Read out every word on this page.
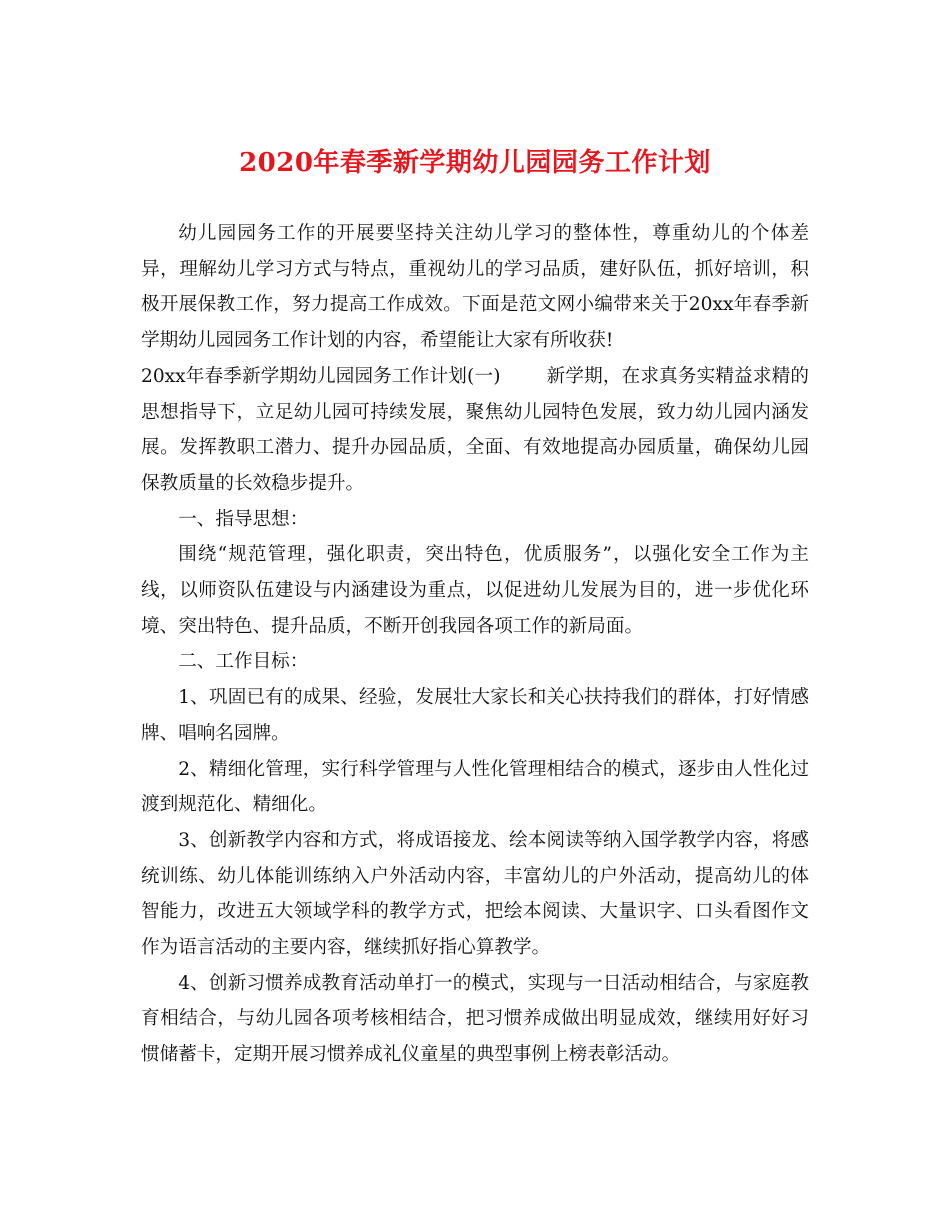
2020年春季新学期幼儿园园务工作计划

幼儿园园务工作的开展要坚持关注幼儿学习的整体性，尊重幼儿的个体差异，理解幼儿学习方式与特点，重视幼儿的学习品质，建好队伍，抓好培训，积极开展保教工作，努力提高工作成效。下面是范文网小编带来关于20xx年春季新学期幼儿园园务工作计划的内容，希望能让大家有所收获!

20xx年春季新学期幼儿园园务工作计划(一) 新学期，在求真务实精益求精的思想指导下，立足幼儿园可持续发展，聚焦幼儿园特色发展，致力幼儿园内涵发展。发挥教职工潜力、提升办园品质，全面、有效地提高办园质量，确保幼儿园保教质量的长效稳步提升。

一、指导思想：

围绕“规范管理，强化职责，突出特色，优质服务”，以强化安全工作为主线，以师资队伍建设与内涵建设为重点，以促进幼儿发展为目的，进一步优化环境、突出特色、提升品质，不断开创我园各项工作的新局面。

二、工作目标：

1、巩固已有的成果、经验，发展壮大家长和关心扶持我们的群体，打好情感牌、唱响名园牌。

2、精细化管理，实行科学管理与人性化管理相结合的模式，逐步由人性化过渡到规范化、精细化。

3、创新教学内容和方式，将成语接龙、绘本阅读等纳入国学教学内容，将感统训练、幼儿体能训练纳入户外活动内容，丰富幼儿的户外活动，提高幼儿的体智能力，改进五大领域学科的教学方式，把绘本阅读、大量识字、口头看图作文作为语言活动的主要内容，继续抓好指心算教学。

4、创新习惯养成教育活动单打一的模式，实现与一日活动相结合，与家庭教育相结合，与幼儿园各项考核相结合，把习惯养成做出明显成效，继续用好好习惯储蓄卡，定期开展习惯养成礼仪童星的典型事例上榜表彰活动。
